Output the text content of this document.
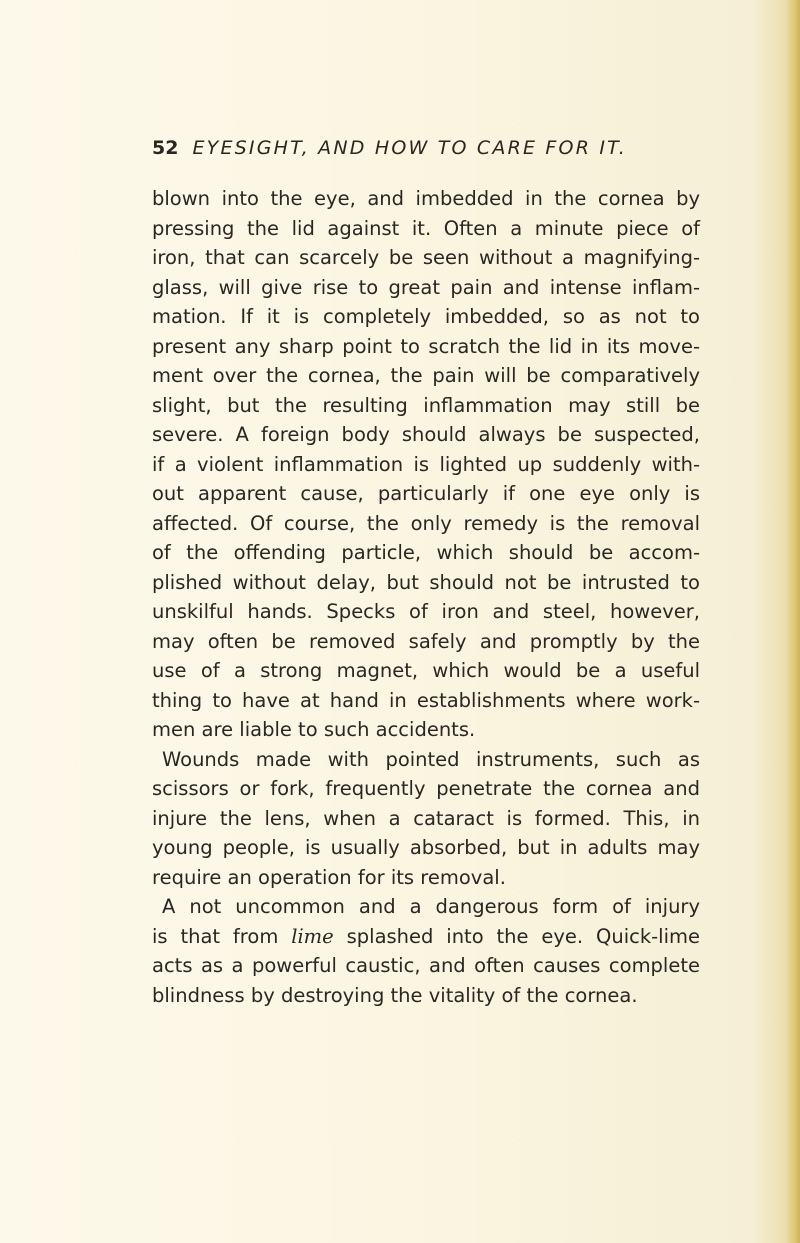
52 EYESIGHT, AND HOW TO CARE FOR IT.
blown into the eye, and imbedded in the cornea by
pressing the lid against it. Often a minute piece of
iron, that can scarcely be seen without a magnifying-
glass, will give rise to great pain and intense inflam-
mation. If it is completely imbedded, so as not to
present any sharp point to scratch the lid in its move-
ment over the cornea, the pain will be comparatively
slight, but the resulting inflammation may still be
severe. A foreign body should always be suspected,
if a violent inflammation is lighted up suddenly with-
out apparent cause, particularly if one eye only is
affected. Of course, the only remedy is the removal
of the offending particle, which should be accom-
plished without delay, but should not be intrusted to
unskilful hands. Specks of iron and steel, however,
may often be removed safely and promptly by the
use of a strong magnet, which would be a useful
thing to have at hand in establishments where work-
men are liable to such accidents.
Wounds made with pointed instruments, such as
scissors or fork, frequently penetrate the cornea and
injure the lens, when a cataract is formed. This, in
young people, is usually absorbed, but in adults may
require an operation for its removal.
A not uncommon and a dangerous form of injury
is that from lime splashed into the eye. Quick-lime
acts as a powerful caustic, and often causes complete
blindness by destroying the vitality of the cornea.
